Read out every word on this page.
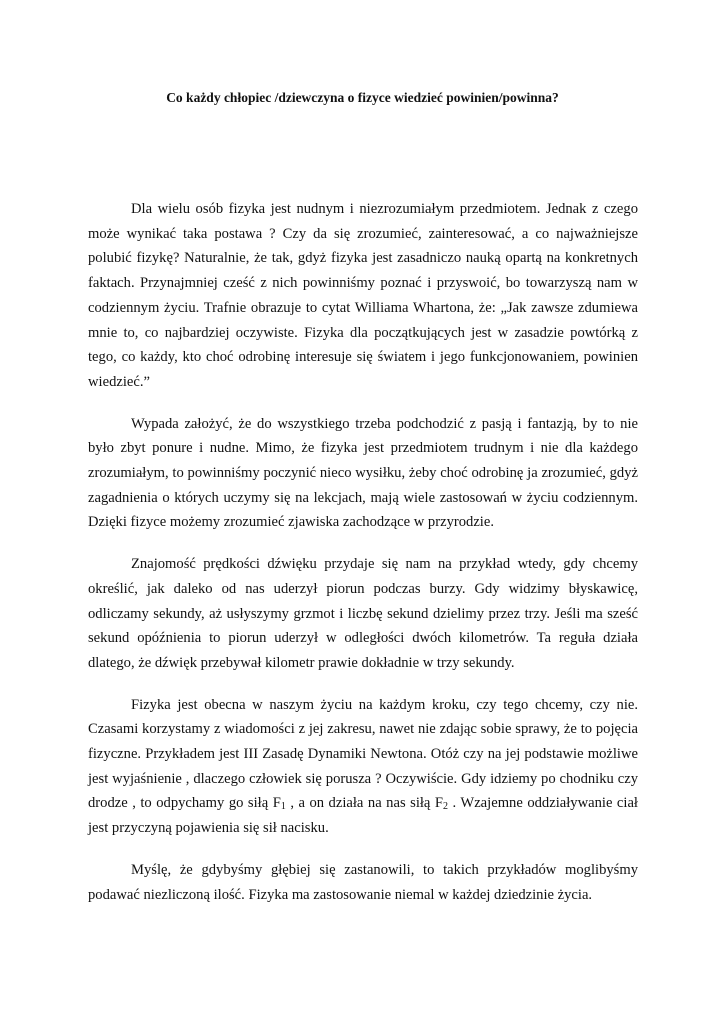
Co każdy chłopiec /dziewczyna o fizyce wiedzieć powinien/powinna?

Dla wielu osób fizyka jest nudnym i niezrozumiałym przedmiotem. Jednak z czego może wynikać taka postawa ? Czy da się zrozumieć, zainteresować, a co najważniejsze polubić fizykę? Naturalnie, że tak, gdyż fizyka jest zasadniczo nauką opartą na konkretnych faktach. Przynajmniej cześć z nich powinniśmy poznać i przyswoić, bo towarzyszą nam w codziennym życiu. Trafnie obrazuje to cytat Williama Whartona, że: „Jak zawsze zdumiewa mnie to, co najbardziej oczywiste. Fizyka dla początkujących jest w zasadzie powtórką z tego, co każdy, kto choć odrobinę interesuje się światem i jego funkcjonowaniem, powinien wiedzieć.”

Wypada założyć, że do wszystkiego trzeba podchodzić z pasją i fantazją, by to nie było zbyt ponure i nudne. Mimo, że fizyka jest przedmiotem trudnym i nie dla każdego zrozumiałym, to powinniśmy poczynić nieco wysiłku, żeby choć odrobinę ja zrozumieć, gdyż zagadnienia o których uczymy się na lekcjach, mają wiele zastosowań w życiu codziennym. Dzięki fizyce możemy zrozumieć zjawiska zachodzące w przyrodzie.

Znajomość prędkości dźwięku przydaje się nam na przykład wtedy, gdy chcemy określić, jak daleko od nas uderzył piorun podczas burzy. Gdy widzimy błyskawicę, odliczamy sekundy, aż usłyszymy grzmot i liczbę sekund dzielimy przez trzy. Jeśli ma sześć sekund opóźnienia to piorun uderzył w odległości dwóch kilometrów. Ta reguła działa dlatego, że dźwięk przebywał kilometr prawie dokładnie w trzy sekundy.

Fizyka jest obecna w naszym życiu na każdym kroku, czy tego chcemy, czy nie. Czasami korzystamy z wiadomości z jej zakresu, nawet nie zdając sobie sprawy, że to pojęcia fizyczne. Przykładem jest III Zasadę Dynamiki Newtona. Otóż czy na jej podstawie możliwe jest wyjaśnienie , dlaczego człowiek się porusza ? Oczywiście. Gdy idziemy po chodniku czy drodze , to odpychamy go siłą $F_1$ , a on działa na nas siłą $F_2$ . Wzajemne oddziaływanie ciał jest przyczyną pojawienia się sił nacisku.

Myślę, że gdybyśmy głębiej się zastanowili, to takich przykładów moglibyśmy podawać niezliczoną ilość. Fizyka ma zastosowanie niemal w każdej dziedzinie życia.
